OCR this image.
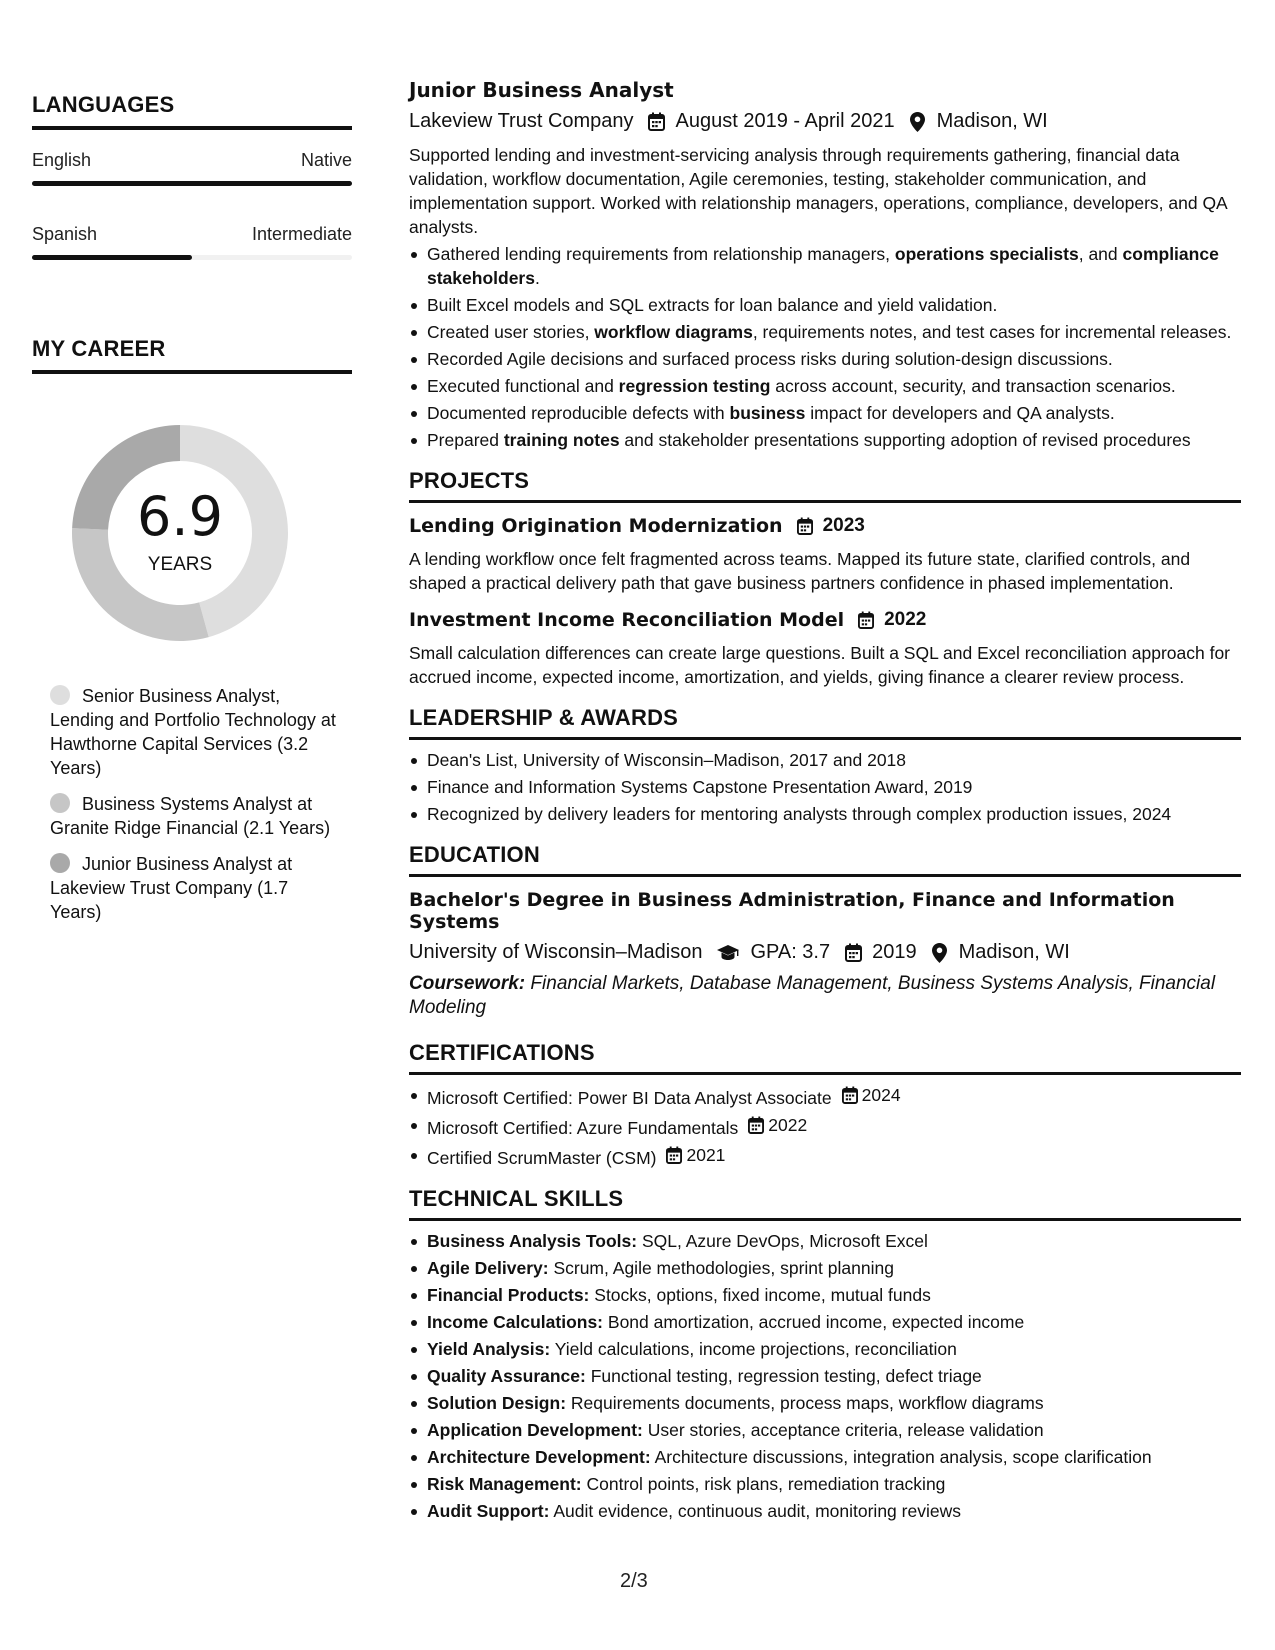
LANGUAGES
English	Native
Spanish	Intermediate
MY CAREER
6.9
YEARS
Senior Business Analyst, Lending and Portfolio Technology at Hawthorne Capital Services (3.2 Years)
Business Systems Analyst at Granite Ridge Financial (2.1 Years)
Junior Business Analyst at Lakeview Trust Company (1.7 Years)
Junior Business Analyst
Lakeview Trust Company August 2019 - April 2021 Madison, WI
Supported lending and investment-servicing analysis through requirements gathering, financial data validation, workflow documentation, Agile ceremonies, testing, stakeholder communication, and implementation support. Worked with relationship managers, operations, compliance, developers, and QA analysts.
Gathered lending requirements from relationship managers, operations specialists, and compliance stakeholders.
Built Excel models and SQL extracts for loan balance and yield validation.
Created user stories, workflow diagrams, requirements notes, and test cases for incremental releases.
Recorded Agile decisions and surfaced process risks during solution-design discussions.
Executed functional and regression testing across account, security, and transaction scenarios.
Documented reproducible defects with business impact for developers and QA analysts.
Prepared training notes and stakeholder presentations supporting adoption of revised procedures
PROJECTS
Lending Origination Modernization 2023
A lending workflow once felt fragmented across teams. Mapped its future state, clarified controls, and shaped a practical delivery path that gave business partners confidence in phased implementation.
Investment Income Reconciliation Model 2022
Small calculation differences can create large questions. Built a SQL and Excel reconciliation approach for accrued income, expected income, amortization, and yields, giving finance a clearer review process.
LEADERSHIP & AWARDS
Dean's List, University of Wisconsin–Madison, 2017 and 2018
Finance and Information Systems Capstone Presentation Award, 2019
Recognized by delivery leaders for mentoring analysts through complex production issues, 2024
EDUCATION
Bachelor's Degree in Business Administration, Finance and Information Systems
University of Wisconsin–Madison GPA: 3.7 2019 Madison, WI
Coursework: Financial Markets, Database Management, Business Systems Analysis, Financial Modeling
CERTIFICATIONS
Microsoft Certified: Power BI Data Analyst Associate 2024
Microsoft Certified: Azure Fundamentals 2022
Certified ScrumMaster (CSM) 2021
TECHNICAL SKILLS
Business Analysis Tools: SQL, Azure DevOps, Microsoft Excel
Agile Delivery: Scrum, Agile methodologies, sprint planning
Financial Products: Stocks, options, fixed income, mutual funds
Income Calculations: Bond amortization, accrued income, expected income
Yield Analysis: Yield calculations, income projections, reconciliation
Quality Assurance: Functional testing, regression testing, defect triage
Solution Design: Requirements documents, process maps, workflow diagrams
Application Development: User stories, acceptance criteria, release validation
Architecture Development: Architecture discussions, integration analysis, scope clarification
Risk Management: Control points, risk plans, remediation tracking
Audit Support: Audit evidence, continuous audit, monitoring reviews
2/3
